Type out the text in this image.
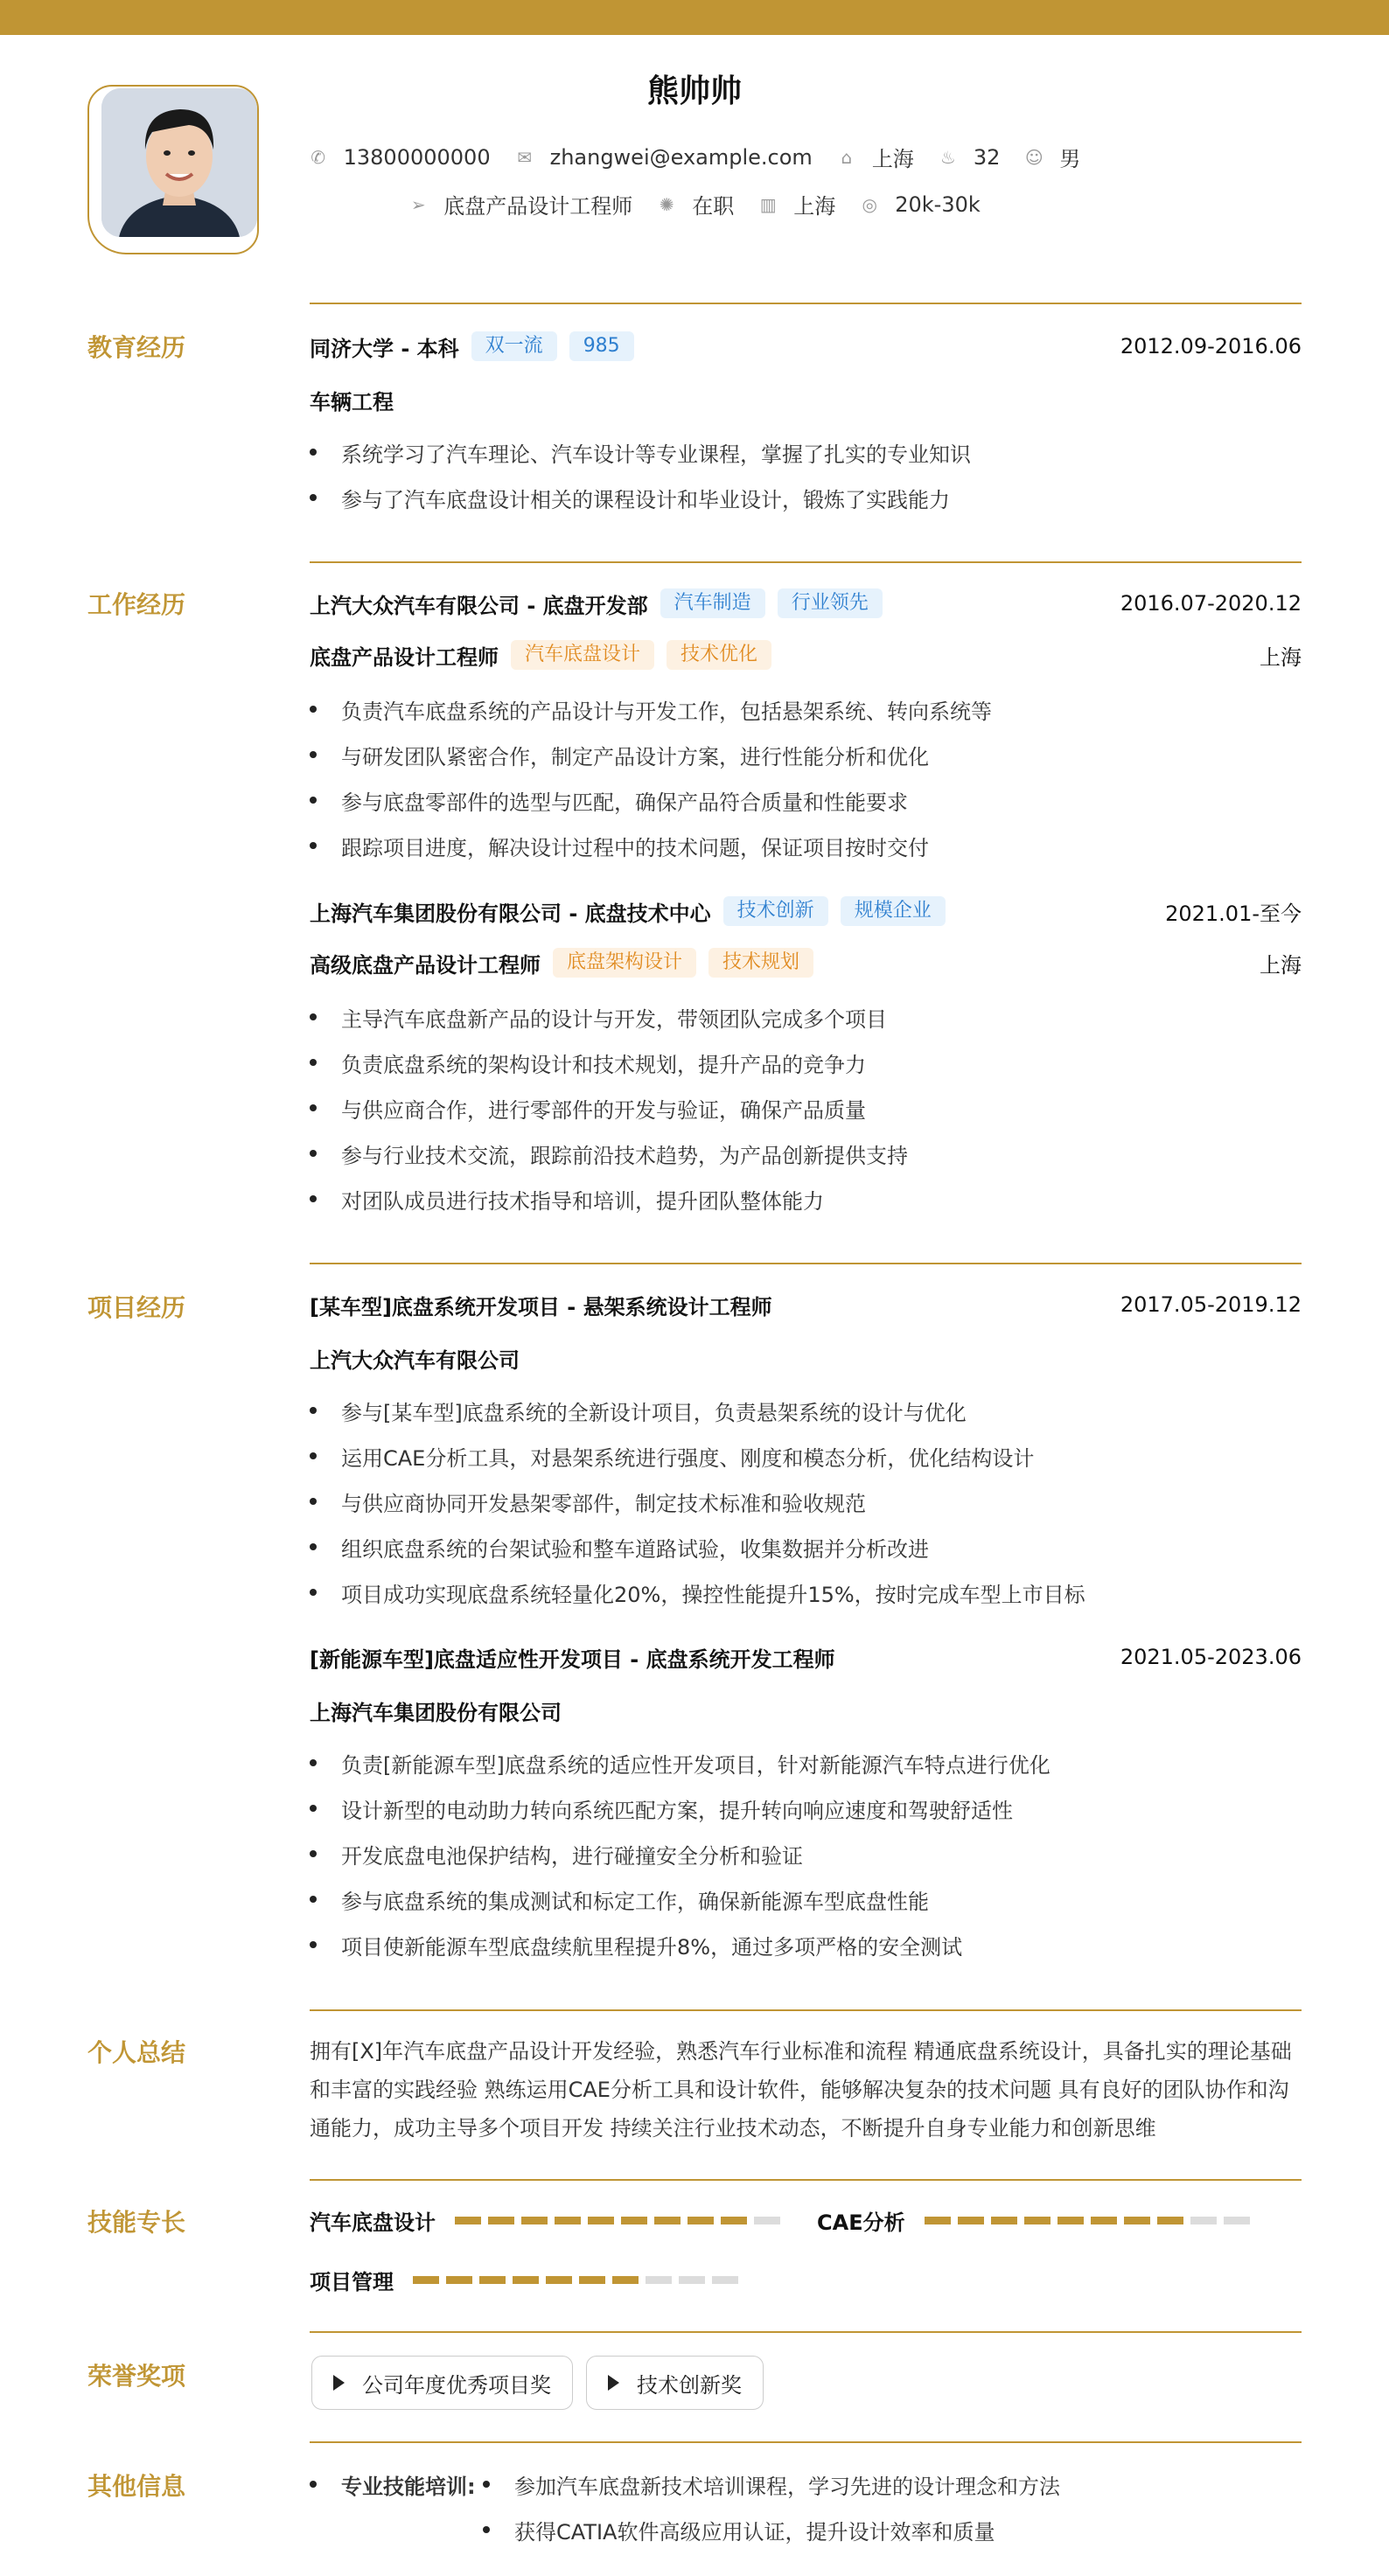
熊帅帅
✆ 13800000000 ✉ zhangwei@example.com ⌂ 上海 ♨ 32 ☺ 男
➢ 底盘产品设计工程师 ✺ 在职 ▥ 上海 ◎ 20k-30k
教育经历	同济大学 - 本科	双一流	985	2012.09-2016.06
车辆工程
系统学习了汽车理论、汽车设计等专业课程，掌握了扎实的专业知识
参与了汽车底盘设计相关的课程设计和毕业设计，锻炼了实践能力
工作经历	上汽大众汽车有限公司 - 底盘开发部	汽车制造	行业领先	2016.07-2020.12
底盘产品设计工程师	汽车底盘设计	技术优化	上海
负责汽车底盘系统的产品设计与开发工作，包括悬架系统、转向系统等
与研发团队紧密合作，制定产品设计方案，进行性能分析和优化
参与底盘零部件的选型与匹配，确保产品符合质量和性能要求
跟踪项目进度，解决设计过程中的技术问题，保证项目按时交付
上海汽车集团股份有限公司 - 底盘技术中心	技术创新	规模企业	2021.01-至今
高级底盘产品设计工程师	底盘架构设计	技术规划	上海
主导汽车底盘新产品的设计与开发，带领团队完成多个项目
负责底盘系统的架构设计和技术规划，提升产品的竞争力
与供应商合作，进行零部件的开发与验证，确保产品质量
参与行业技术交流，跟踪前沿技术趋势，为产品创新提供支持
对团队成员进行技术指导和培训，提升团队整体能力
项目经历	[某车型]底盘系统开发项目 - 悬架系统设计工程师	2017.05-2019.12
上汽大众汽车有限公司
参与[某车型]底盘系统的全新设计项目，负责悬架系统的设计与优化
运用CAE分析工具，对悬架系统进行强度、刚度和模态分析，优化结构设计
与供应商协同开发悬架零部件，制定技术标准和验收规范
组织底盘系统的台架试验和整车道路试验，收集数据并分析改进
项目成功实现底盘系统轻量化20%，操控性能提升15%，按时完成车型上市目标
[新能源车型]底盘适应性开发项目 - 底盘系统开发工程师	2021.05-2023.06
上海汽车集团股份有限公司
负责[新能源车型]底盘系统的适应性开发项目，针对新能源汽车特点进行优化
设计新型的电动助力转向系统匹配方案，提升转向响应速度和驾驶舒适性
开发底盘电池保护结构，进行碰撞安全分析和验证
参与底盘系统的集成测试和标定工作，确保新能源车型底盘性能
项目使新能源车型底盘续航里程提升8%，通过多项严格的安全测试
个人总结	拥有[X]年汽车底盘产品设计开发经验，熟悉汽车行业标准和流程 精通底盘系统设计，具备扎实的理论基础
和丰富的实践经验 熟练运用CAE分析工具和设计软件，能够解决复杂的技术问题 具有良好的团队协作和沟
通能力，成功主导多个项目开发 持续关注行业技术动态，不断提升自身专业能力和创新思维
技能专长	汽车底盘设计	CAE分析
项目管理
荣誉奖项	公司年度优秀项目奖	技术创新奖
其他信息	专业技能培训:	参加汽车底盘新技术培训课程，学习先进的设计理念和方法
获得CATIA软件高级应用认证，提升设计效率和质量
